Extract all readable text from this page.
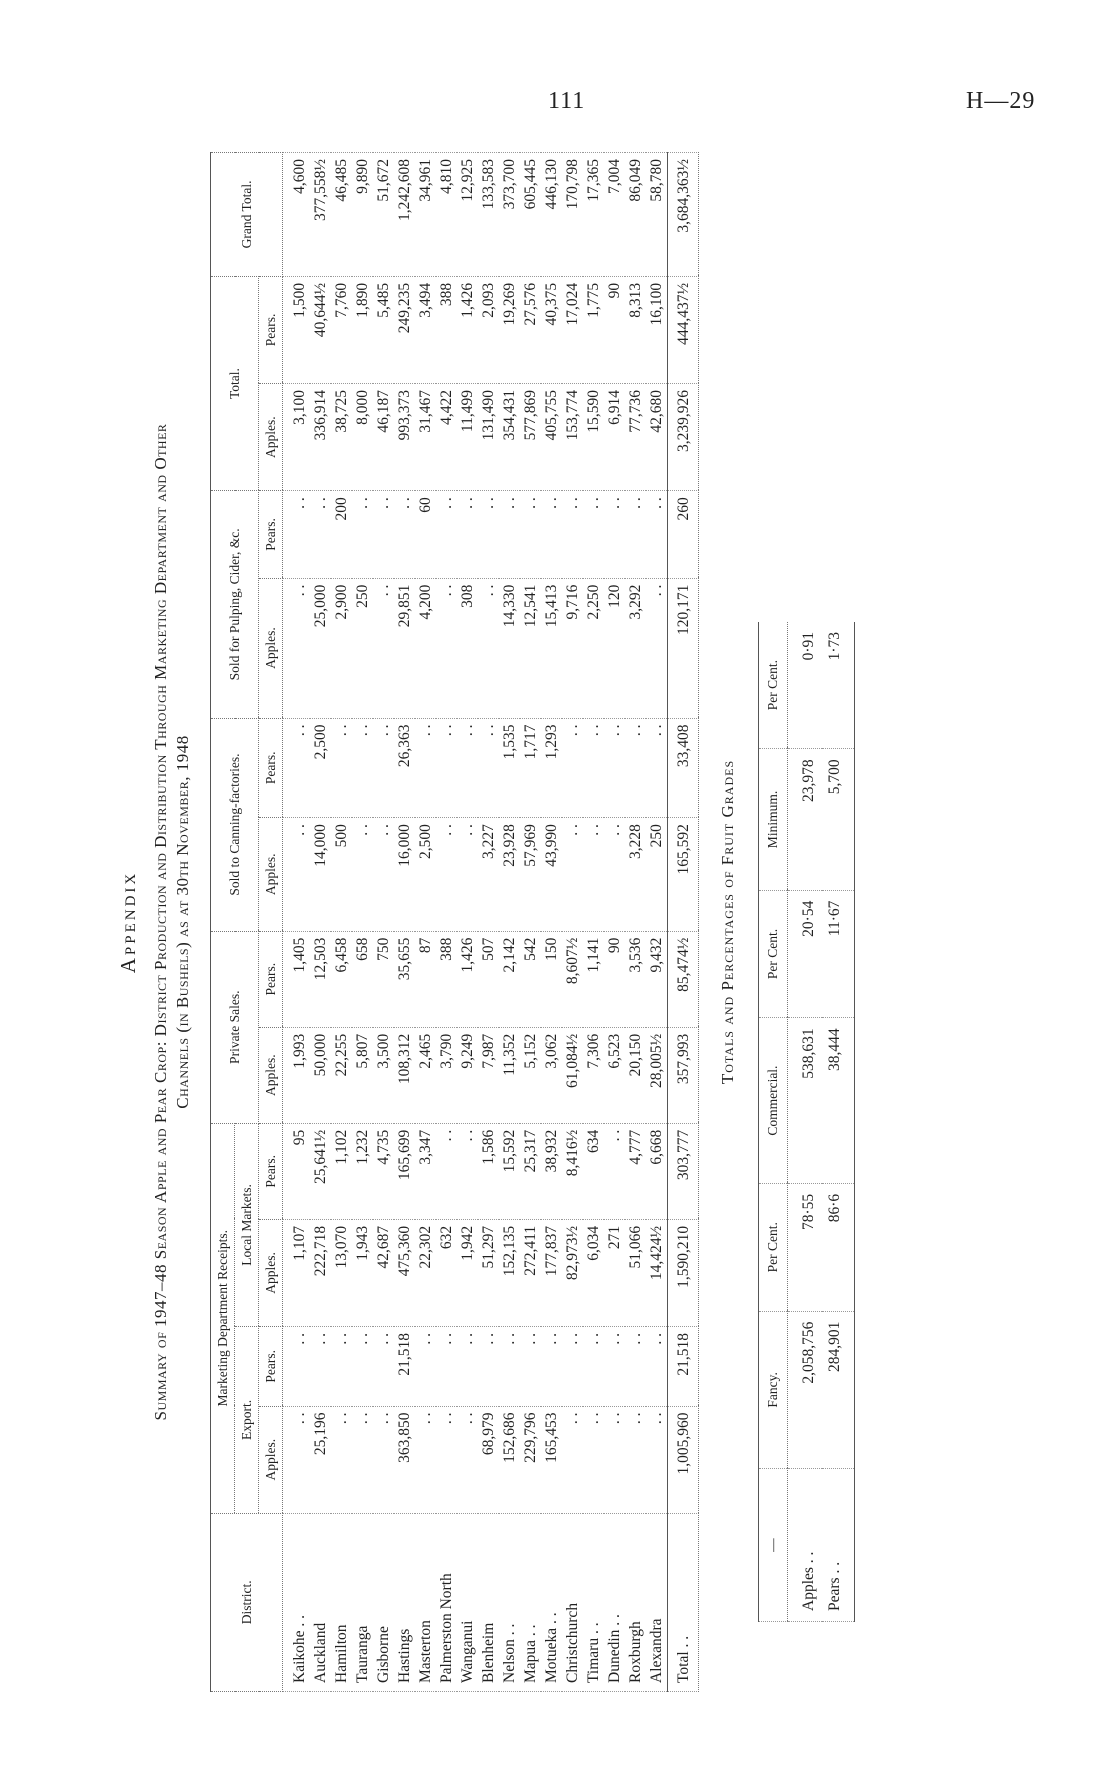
111	H—29
Appendix Summary of 1947–48 Season Apple and Pear Crop: District Production and Distribution Through Marketing Department and Other Channels (in Bushels) as at 30th November, 1948
District.	Marketing Department Receipts.				Private Sales.		Sold to Canning-factories.		Sold for Pulping, Cider, &c.		Total.		Grand Total.
	Export.		Local Markets.										
	Apples.	Pears.	Apples.	Pears.	Apples.	Pears.	Apples.	Pears.	Apples.	Pears.	Apples.	Pears.	
Kaikohe . .	. .	. .	1,107	95	1,993	1,405	. .	. .	. .	. .	3,100	1,500	4,600
Auckland	25,196	. .	222,718	25,641½	50,000	12,503	14,000	2,500	25,000	. .	336,914	40,644½	377,558½
Hamilton	. .	. .	13,070	1,102	22,255	6,458	500	. .	2,900	200	38,725	7,760	46,485
Tauranga	. .	. .	1,943	1,232	5,807	658	. .	. .	250	. .	8,000	1,890	9,890
Gisborne	. .	. .	42,687	4,735	3,500	750	. .	. .	. .	. .	46,187	5,485	51,672
Hastings	363,850	21,518	475,360	165,699	108,312	35,655	16,000	26,363	29,851	. .	993,373	249,235	1,242,608
Masterton	. .	. .	22,302	3,347	2,465	87	2,500	. .	4,200	60	31,467	3,494	34,961
Palmerston North	. .	. .	632	. .	3,790	388	. .	. .	. .	. .	4,422	388	4,810
Wanganui	. .	. .	1,942	. .	9,249	1,426	. .	. .	308	. .	11,499	1,426	12,925
Blenheim	68,979	. .	51,297	1,586	7,987	507	3,227	. .	. .	. .	131,490	2,093	133,583
Nelson . .	152,686	. .	152,135	15,592	11,352	2,142	23,928	1,535	14,330	. .	354,431	19,269	373,700
Mapua . .	229,796	. .	272,411	25,317	5,152	542	57,969	1,717	12,541	. .	577,869	27,576	605,445
Motueka . .	165,453	. .	177,837	38,932	3,062	150	43,990	1,293	15,413	. .	405,755	40,375	446,130
Christchurch	. .	. .	82,973½	8,416½	61,084½	8,607½	. .	. .	9,716	. .	153,774	17,024	170,798
Timaru . .	. .	. .	6,034	634	7,306	1,141	. .	. .	2,250	. .	15,590	1,775	17,365
Dunedin . .	. .	. .	271	. .	6,523	90	. .	. .	120	. .	6,914	90	7,004
Roxburgh	. .	. .	51,066	4,777	20,150	3,536	3,228	. .	3,292	. .	77,736	8,313	86,049
Alexandra	. .	. .	14,424½	6,668	28,005½	9,432	250	. .	. .	. .	42,680	16,100	58,780
Total . .	1,005,960	21,518	1,590,210	303,777	357,993	85,474½	165,592	33,408	120,171	260	3,239,926	444,437½	3,684,363½
Totals and Percentages of Fruit Grades
—	Fancy.	Per Cent.	Commercial.	Per Cent.	Minimum.	Per Cent.
Apples . .	2,058,756	78·55	538,631	20·54	23,978	0·91
Pears . .	284,901	86·6	38,444	11·67	5,700	1·73
